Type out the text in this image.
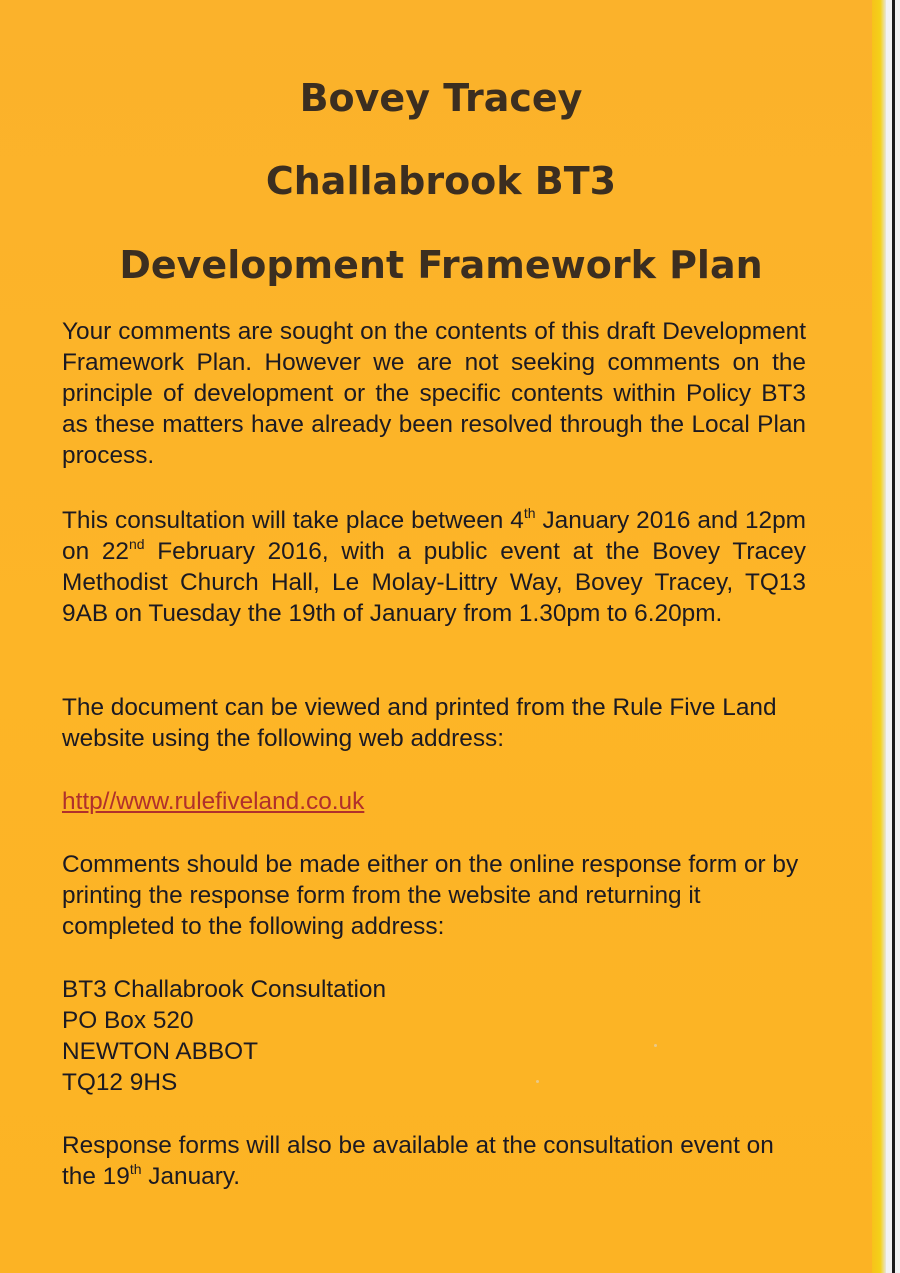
Bovey Tracey
Challabrook BT3
Development Framework Plan

Your comments are sought on the contents of this draft Development Framework Plan. However we are not seeking comments on the principle of development or the specific contents within Policy BT3 as these matters have already been resolved through the Local Plan process.

This consultation will take place between 4th January 2016 and 12pm on 22nd February 2016, with a public event at the Bovey Tracey Methodist Church Hall, Le Molay-Littry Way, Bovey Tracey, TQ13 9AB on Tuesday the 19th of January from 1.30pm to 6.20pm.

The document can be viewed and printed from the Rule Five Land website using the following web address:

http//www.rulefiveland.co.uk

Comments should be made either on the online response form or by printing the response form from the website and returning it completed to the following address:

BT3 Challabrook Consultation
PO Box 520
NEWTON ABBOT
TQ12 9HS

Response forms will also be available at the consultation event on the 19th January.
